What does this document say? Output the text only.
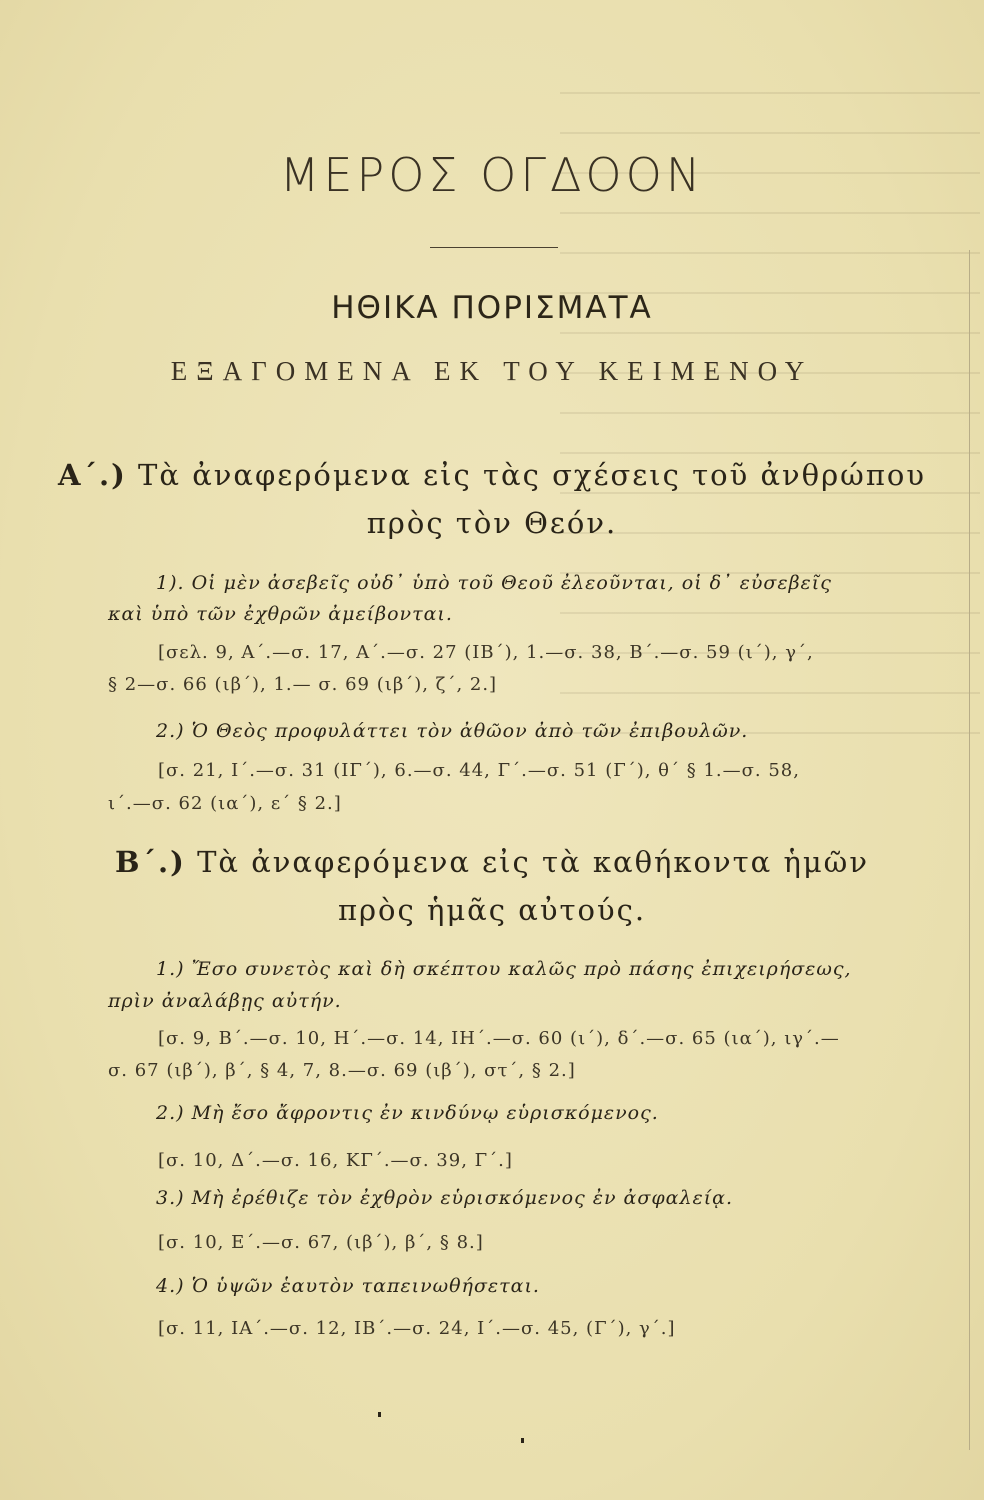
ΜΕΡΟΣ ΟΓΔΟΟΝ
ΗΘΙΚΑ ΠΟΡΙΣΜΑΤΑ
ΕΞΑΓΟΜΕΝΑ ΕΚ ΤΟΥ ΚΕΙΜΕΝΟΥ
Α΄.) Τὰ ἀναφερόμενα εἰς τὰς σχέσεις τοῦ ἀνθρώπου
πρὸς τὸν Θεόν.
1). Οἱ μὲν ἀσεβεῖς οὐδ᾽ ὑπὸ τοῦ Θεοῦ ἐλεοῦνται, οἱ δ᾽ εὐσεβεῖς
καὶ ὑπὸ τῶν ἐχθρῶν ἀμείβονται.
[σελ. 9, Α΄.—σ. 17, Α΄.—σ. 27 (ΙΒ΄), 1.—σ. 38, Β΄.—σ. 59 (ι΄), γ΄,
§ 2—σ. 66 (ιβ΄), 1.— σ. 69 (ιβ΄), ζ΄, 2.]
2.) Ὁ Θεὸς προφυλάττει τὸν ἀθῶον ἀπὸ τῶν ἐπιβουλῶν.
[σ. 21, Ι΄.—σ. 31 (ΙΓ΄), 6.—σ. 44, Γ΄.—σ. 51 (Γ΄), θ΄ § 1.—σ. 58,
ι΄.—σ. 62 (ια΄), ε΄ § 2.]
Β΄.) Τὰ ἀναφερόμενα εἰς τὰ καθήκοντα ἡμῶν
πρὸς ἡμᾶς αὐτούς.
1.) Ἔσο συνετὸς καὶ δὴ σκέπτου καλῶς πρὸ πάσης ἐπιχειρήσεως,
πρὶν ἀναλάβῃς αὐτήν.
[σ. 9, Β΄.—σ. 10, Η΄.—σ. 14, ΙΗ΄.—σ. 60 (ι΄), δ΄.—σ. 65 (ια΄), ιγ΄.—
σ. 67 (ιβ΄), β΄, § 4, 7, 8.—σ. 69 (ιβ΄), στ΄, § 2.]
2.) Μὴ ἔσο ἄφροντις ἐν κινδύνῳ εὑρισκόμενος.
[σ. 10, Δ΄.—σ. 16, ΚΓ΄.—σ. 39, Γ΄.]
3.) Μὴ ἐρέθιζε τὸν ἐχθρὸν εὑρισκόμενος ἐν ἀσφαλείᾳ.
[σ. 10, Ε΄.—σ. 67, (ιβ΄), β΄, § 8.]
4.) Ὁ ὑψῶν ἑαυτὸν ταπεινωθήσεται.
[σ. 11, ΙΑ΄.—σ. 12, ΙΒ΄.—σ. 24, Ι΄.—σ. 45, (Γ΄), γ΄.]
